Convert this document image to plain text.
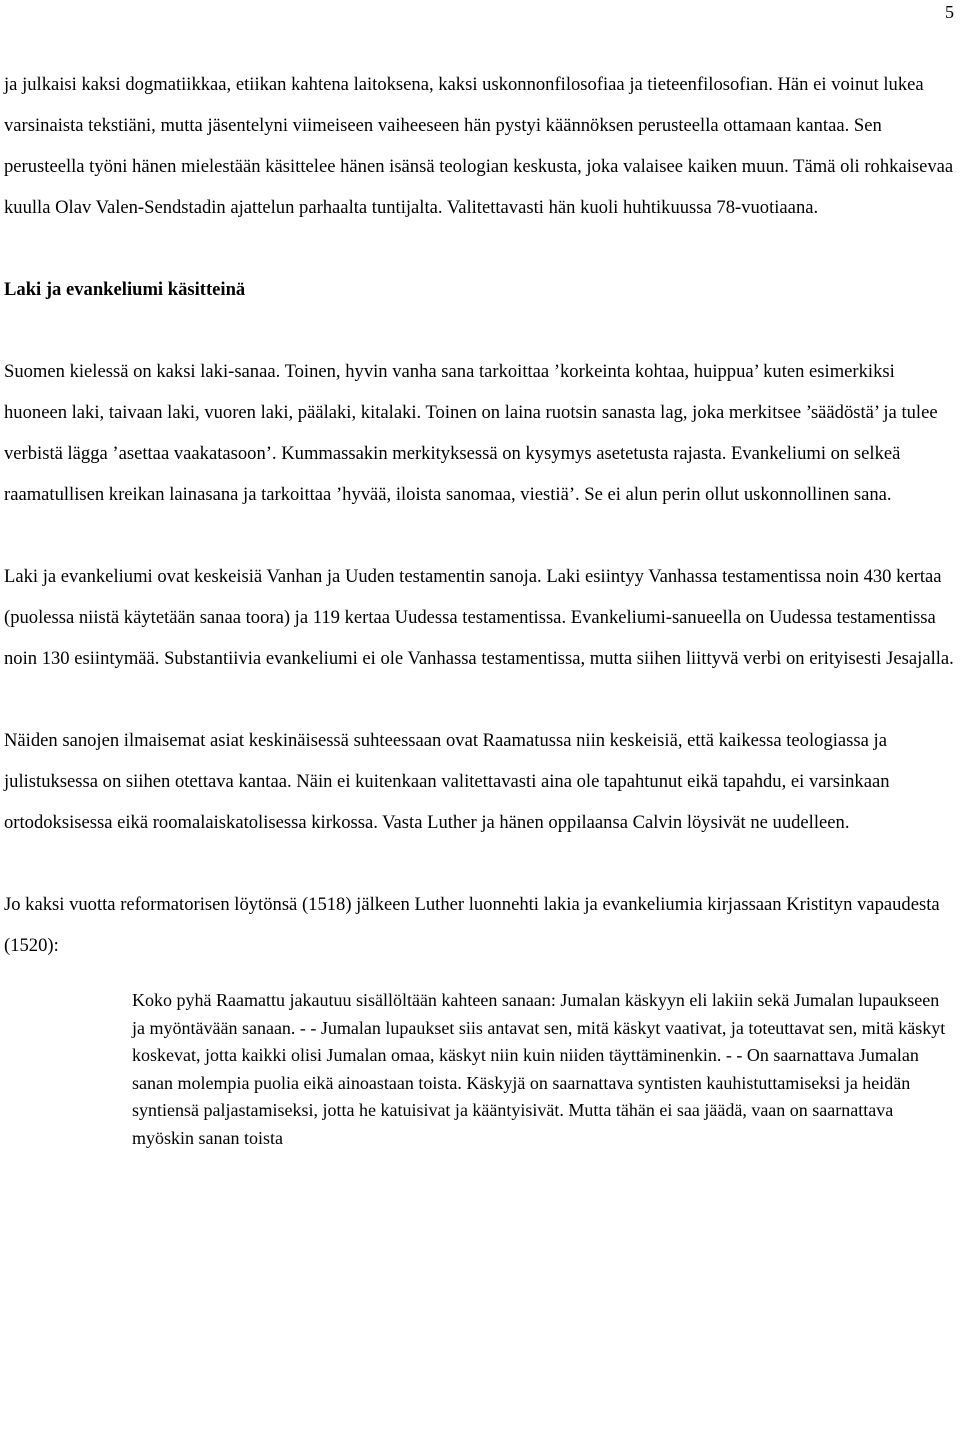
5

ja julkaisi kaksi dogmatiikkaa, etiikan kahtena laitoksena, kaksi uskonnonfilosofiaa ja tieteenfilosofian. Hän ei voinut lukea varsinaista tekstiäni, mutta jäsentelyni viimeiseen vaiheeseen hän pystyi käännöksen perusteella ottamaan kantaa. Sen perusteella työni hänen mielestään käsittelee hänen isänsä teologian keskusta, joka valaisee kaiken muun. Tämä oli rohkaisevaa kuulla Olav Valen-Sendstadin ajattelun parhaalta tuntijalta. Valitettavasti hän kuoli huhtikuussa 78-vuotiaana.

Laki ja evankeliumi käsitteinä

Suomen kielessä on kaksi laki-sanaa. Toinen, hyvin vanha sana tarkoittaa ’korkeinta kohtaa, huippua’ kuten esimerkiksi huoneen laki, taivaan laki, vuoren laki, päälaki, kitalaki. Toinen on laina ruotsin sanasta lag, joka merkitsee ’säädöstä’ ja tulee verbistä lägga ’asettaa vaakatasoon’. Kummassakin merkityksessä on kysymys asetetusta rajasta. Evankeliumi on selkeä raamatullisen kreikan lainasana ja tarkoittaa ’hyvää, iloista sanomaa, viestiä’. Se ei alun perin ollut uskonnollinen sana.

Laki ja evankeliumi ovat keskeisiä Vanhan ja Uuden testamentin sanoja. Laki esiintyy Vanhassa testamentissa noin 430 kertaa (puolessa niistä käytetään sanaa toora) ja 119 kertaa Uudessa testamentissa. Evankeliumi-sanueella on Uudessa testamentissa noin 130 esiintymää. Substantiivia evankeliumi ei ole Vanhassa testamentissa, mutta siihen liittyvä verbi on erityisesti Jesajalla.

Näiden sanojen ilmaisemat asiat keskinäisessä suhteessaan ovat Raamatussa niin keskeisiä, että kaikessa teologiassa ja julistuksessa on siihen otettava kantaa. Näin ei kuitenkaan valitettavasti aina ole tapahtunut eikä tapahdu, ei varsinkaan ortodoksisessa eikä roomalaiskatolisessa kirkossa. Vasta Luther ja hänen oppilaansa Calvin löysivät ne uudelleen.

Jo kaksi vuotta reformatorisen löytönsä (1518) jälkeen Luther luonnehti lakia ja evankeliumia kirjassaan Kristityn vapaudesta (1520):

Koko pyhä Raamattu jakautuu sisällöltään kahteen sanaan: Jumalan käskyyn eli lakiin sekä Jumalan lupaukseen ja myöntävään sanaan. - - Jumalan lupaukset siis antavat sen, mitä käskyt vaativat, ja toteuttavat sen, mitä käskyt koskevat, jotta kaikki olisi Jumalan omaa, käskyt niin kuin niiden täyttäminenkin. - - On saarnattava Jumalan sanan molempia puolia eikä ainoastaan toista. Käskyjä on saarnattava syntisten kauhistuttamiseksi ja heidän syntiensä paljastamiseksi, jotta he katuisivat ja kääntyisivät. Mutta tähän ei saa jäädä, vaan on saarnattava myöskin sanan toista
